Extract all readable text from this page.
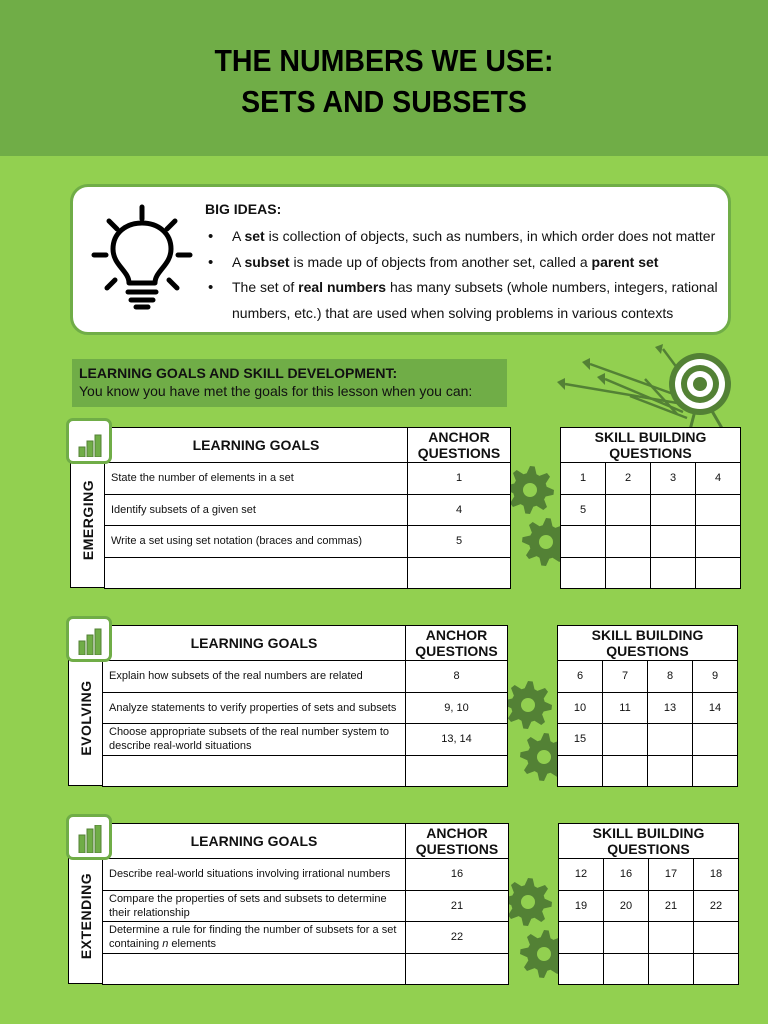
THE NUMBERS WE USE:
SETS AND SUBSETS
BIG IDEAS:
• A set is collection of objects, such as numbers, in which order does not matter
• A subset is made up of objects from another set, called a parent set
• The set of real numbers has many subsets (whole numbers, integers, rational numbers, etc.) that are used when solving problems in various contexts
LEARNING GOALS AND SKILL DEVELOPMENT:
You know you have met the goals for this lesson when you can:
EMERGING
LEARNING GOALS	ANCHOR QUESTIONS
State the number of elements in a set	1
Identify subsets of a given set	4
Write a set using set notation (braces and commas)	5

SKILL BUILDING QUESTIONS			
1	2	3	4
5			

EVOLVING
LEARNING GOALS	ANCHOR QUESTIONS
Explain how subsets of the real numbers are related	8
Analyze statements to verify properties of sets and subsets	9, 10
Choose appropriate subsets of the real number system to describe real-world situations	13, 14

SKILL BUILDING QUESTIONS			
6	7	8	9
10	11	13	14
15			

EXTENDING
LEARNING GOALS	ANCHOR QUESTIONS
Describe real-world situations involving irrational numbers	16
Compare the properties of sets and subsets to determine their relationship	21
Determine a rule for finding the number of subsets for a set containing n elements	22

SKILL BUILDING QUESTIONS			
12	16	17	18
19	20	21	22
